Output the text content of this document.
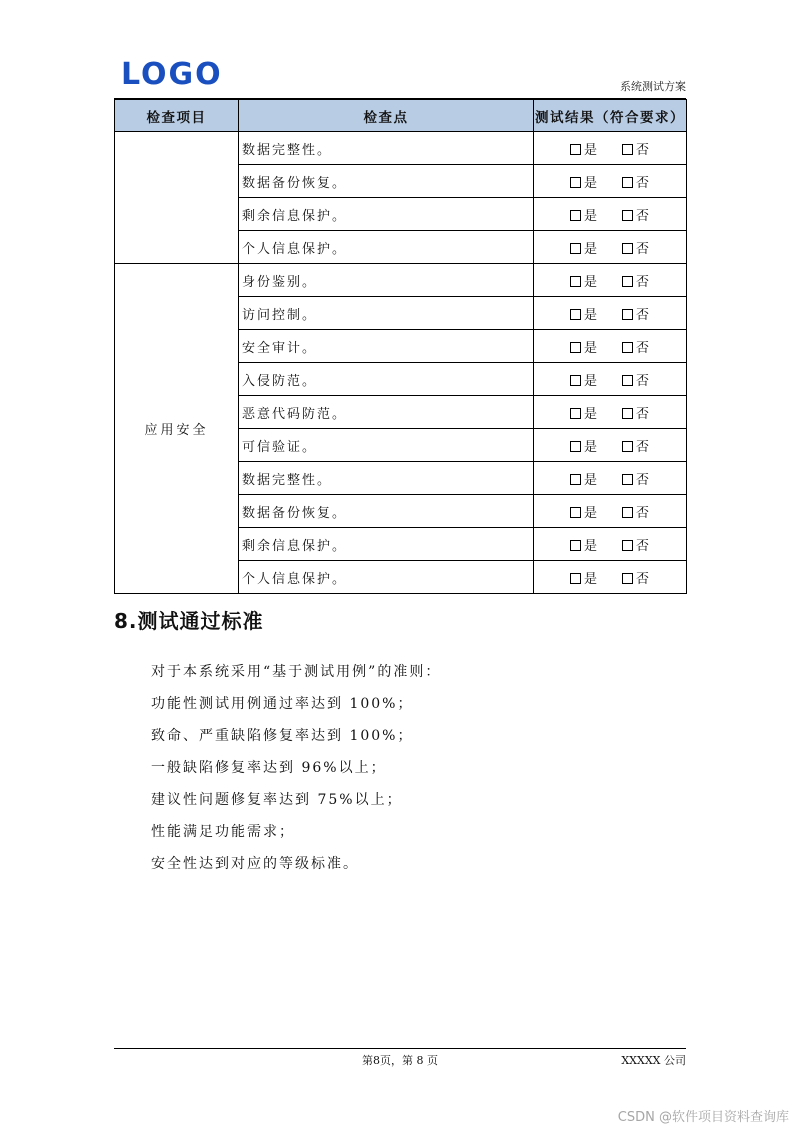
LOGO	系统测试方案
检查项目	检查点	测试结果（符合要求）
	数据完整性。	是 否
	数据备份恢复。	是 否
	剩余信息保护。	是 否
	个人信息保护。	是 否
应用安全	身份鉴别。	是 否
	访问控制。	是 否
	安全审计。	是 否
	入侵防范。	是 否
	恶意代码防范。	是 否
	可信验证。	是 否
	数据完整性。	是 否
	数据备份恢复。	是 否
	剩余信息保护。	是 否
	个人信息保护。	是 否
8.测试通过标准
对于本系统采用“基于测试用例”的准则：
功能性测试用例通过率达到 100%；
致命、严重缺陷修复率达到 100%；
一般缺陷修复率达到 96%以上；
建议性问题修复率达到 75%以上；
性能满足功能需求；
安全性达到对应的等级标准。
第8页，第 8 页	XXXXX 公司
CSDN @软件项目资料查询库
